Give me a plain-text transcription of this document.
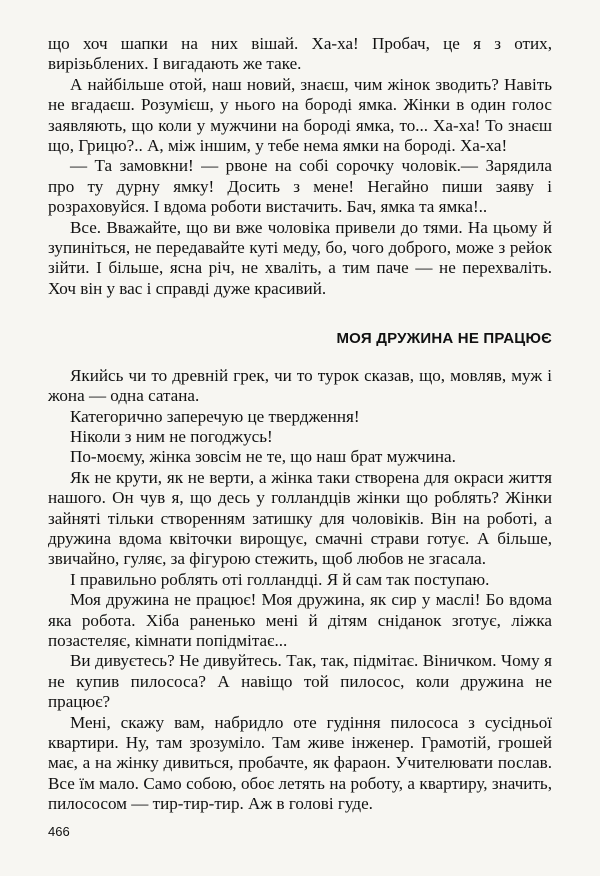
що хоч шапки на них вішай. Ха-ха! Пробач, це я з отих, вирізьблених. І вигадають же таке.

А найбільше отой, наш новий, знаєш, чим жінок зводить? Навіть не вгадаєш. Розумієш, у нього на бороді ямка. Жінки в один голос заявляють, що коли у мужчини на бороді ямка, то... Ха-ха! То знаєш що, Грицю?.. А, між іншим, у тебе нема ямки на бороді. Ха-ха!

— Та замовкни! — рвоне на собі сорочку чоловік.— Зарядила про ту дурну ямку! Досить з мене! Негайно пиши заяву і розраховуйся. І вдома роботи вистачить. Бач, ямка та ямка!..

Все. Вважайте, що ви вже чоловіка привели до тями. На цьому й зупиніться, не передавайте куті меду, бо, чого доброго, може з рейок зійти. І більше, ясна річ, не хваліть, а тим паче — не перехваліть. Хоч він у вас і справді дуже красивий.

МОЯ ДРУЖИНА НЕ ПРАЦЮЄ

Якийсь чи то древній грек, чи то турок сказав, що, мовляв, муж і жона — одна сатана.

Категорично заперечую це твердження!

Ніколи з ним не погоджусь!

По-моєму, жінка зовсім не те, що наш брат мужчина.

Як не крути, як не верти, а жінка таки створена для окраси життя нашого. Он чув я, що десь у голландців жінки що роблять? Жінки зайняті тільки створенням затишку для чоловіків. Він на роботі, а дружина вдома квіточки вирощує, смачні страви готує. А більше, звичайно, гуляє, за фігурою стежить, щоб любов не згасала.

І правильно роблять оті голландці. Я й сам так поступаю.

Моя дружина не працює! Моя дружина, як сир у маслі! Бо вдома яка робота. Хіба раненько мені й дітям сніданок зготує, ліжка позастеляє, кімнати попідмітає...

Ви дивуєтесь? Не дивуйтесь. Так, так, підмітає. Віничком. Чому я не купив пилососа? А навіщо той пилосос, коли дружина не працює?

Мені, скажу вам, набридло оте гудіння пилососа з сусідньої квартири. Ну, там зрозуміло. Там живе інженер. Грамотій, грошей має, а на жінку дивиться, пробачте, як фараон. Учителювати послав. Все їм мало. Само собою, обоє летять на роботу, а квартиру, значить, пилососом — тир-тир-тир. Аж в голові гуде.

466
